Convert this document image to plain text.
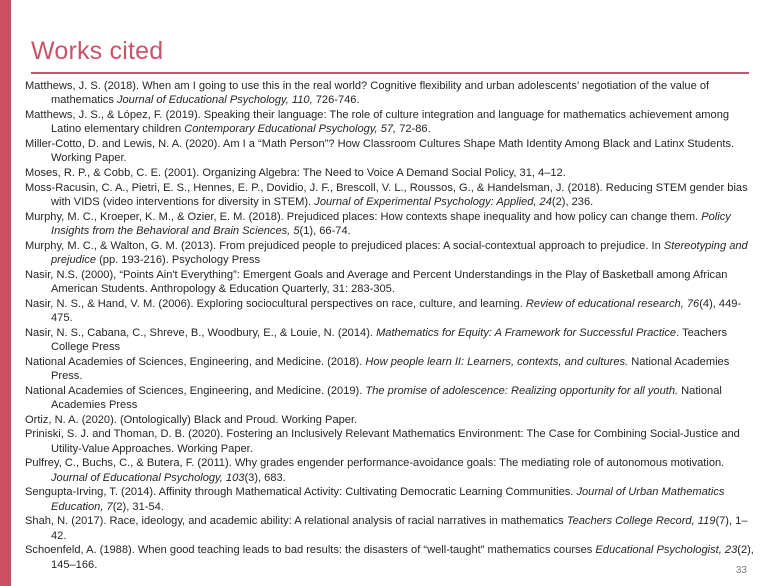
Works cited

Matthews, J. S. (2018). When am I going to use this in the real world? Cognitive flexibility and urban adolescents’ negotiation of the value of mathematics Journal of Educational Psychology, 110, 726-746.

Matthews, J. S., & López, F. (2019). Speaking their language: The role of culture integration and language for mathematics achievement among Latino elementary children Contemporary Educational Psychology, 57, 72-86.

Miller-Cotto, D. and Lewis, N. A. (2020). Am I a “Math Person”? How Classroom Cultures Shape Math Identity Among Black and Latinx Students. Working Paper.

Moses, R. P., & Cobb, C. E. (2001). Organizing Algebra: The Need to Voice A Demand Social Policy, 31, 4–12.

Moss-Racusin, C. A., Pietri, E. S., Hennes, E. P., Dovidio, J. F., Brescoll, V. L., Roussos, G., & Handelsman, J. (2018). Reducing STEM gender bias with VIDS (video interventions for diversity in STEM). Journal of Experimental Psychology: Applied, 24(2), 236.

Murphy, M. C., Kroeper, K. M., & Ozier, E. M. (2018). Prejudiced places: How contexts shape inequality and how policy can change them. Policy Insights from the Behavioral and Brain Sciences, 5(1), 66-74.

Murphy, M. C., & Walton, G. M. (2013). From prejudiced people to prejudiced places: A social-contextual approach to prejudice. In Stereotyping and prejudice (pp. 193-216). Psychology Press

Nasir, N.S. (2000), “Points Ain't Everything”: Emergent Goals and Average and Percent Understandings in the Play of Basketball among African American Students. Anthropology & Education Quarterly, 31: 283-305.

Nasir, N. S., & Hand, V. M. (2006). Exploring sociocultural perspectives on race, culture, and learning. Review of educational research, 76(4), 449-475.

Nasir, N. S., Cabana, C., Shreve, B., Woodbury, E., & Louie, N. (2014). Mathematics for Equity: A Framework for Successful Practice. Teachers College Press

National Academies of Sciences, Engineering, and Medicine. (2018). How people learn II: Learners, contexts, and cultures. National Academies Press.

National Academies of Sciences, Engineering, and Medicine. (2019). The promise of adolescence: Realizing opportunity for all youth. National Academies Press

Ortiz, N. A. (2020). (Ontologically) Black and Proud. Working Paper.

Priniski, S. J. and Thoman, D. B. (2020). Fostering an Inclusively Relevant Mathematics Environment: The Case for Combining Social-Justice and Utility-Value Approaches. Working Paper.

Pulfrey, C., Buchs, C., & Butera, F. (2011). Why grades engender performance-avoidance goals: The mediating role of autonomous motivation. Journal of Educational Psychology, 103(3), 683.

Sengupta-Irving, T. (2014). Affinity through Mathematical Activity: Cultivating Democratic Learning Communities. Journal of Urban Mathematics Education, 7(2), 31-54.

Shah, N. (2017). Race, ideology, and academic ability: A relational analysis of racial narratives in mathematics Teachers College Record, 119(7), 1–42.

Schoenfeld, A. (1988). When good teaching leads to bad results: the disasters of “well-taught” mathematics courses Educational Psychologist, 23(2), 145–166.	33
